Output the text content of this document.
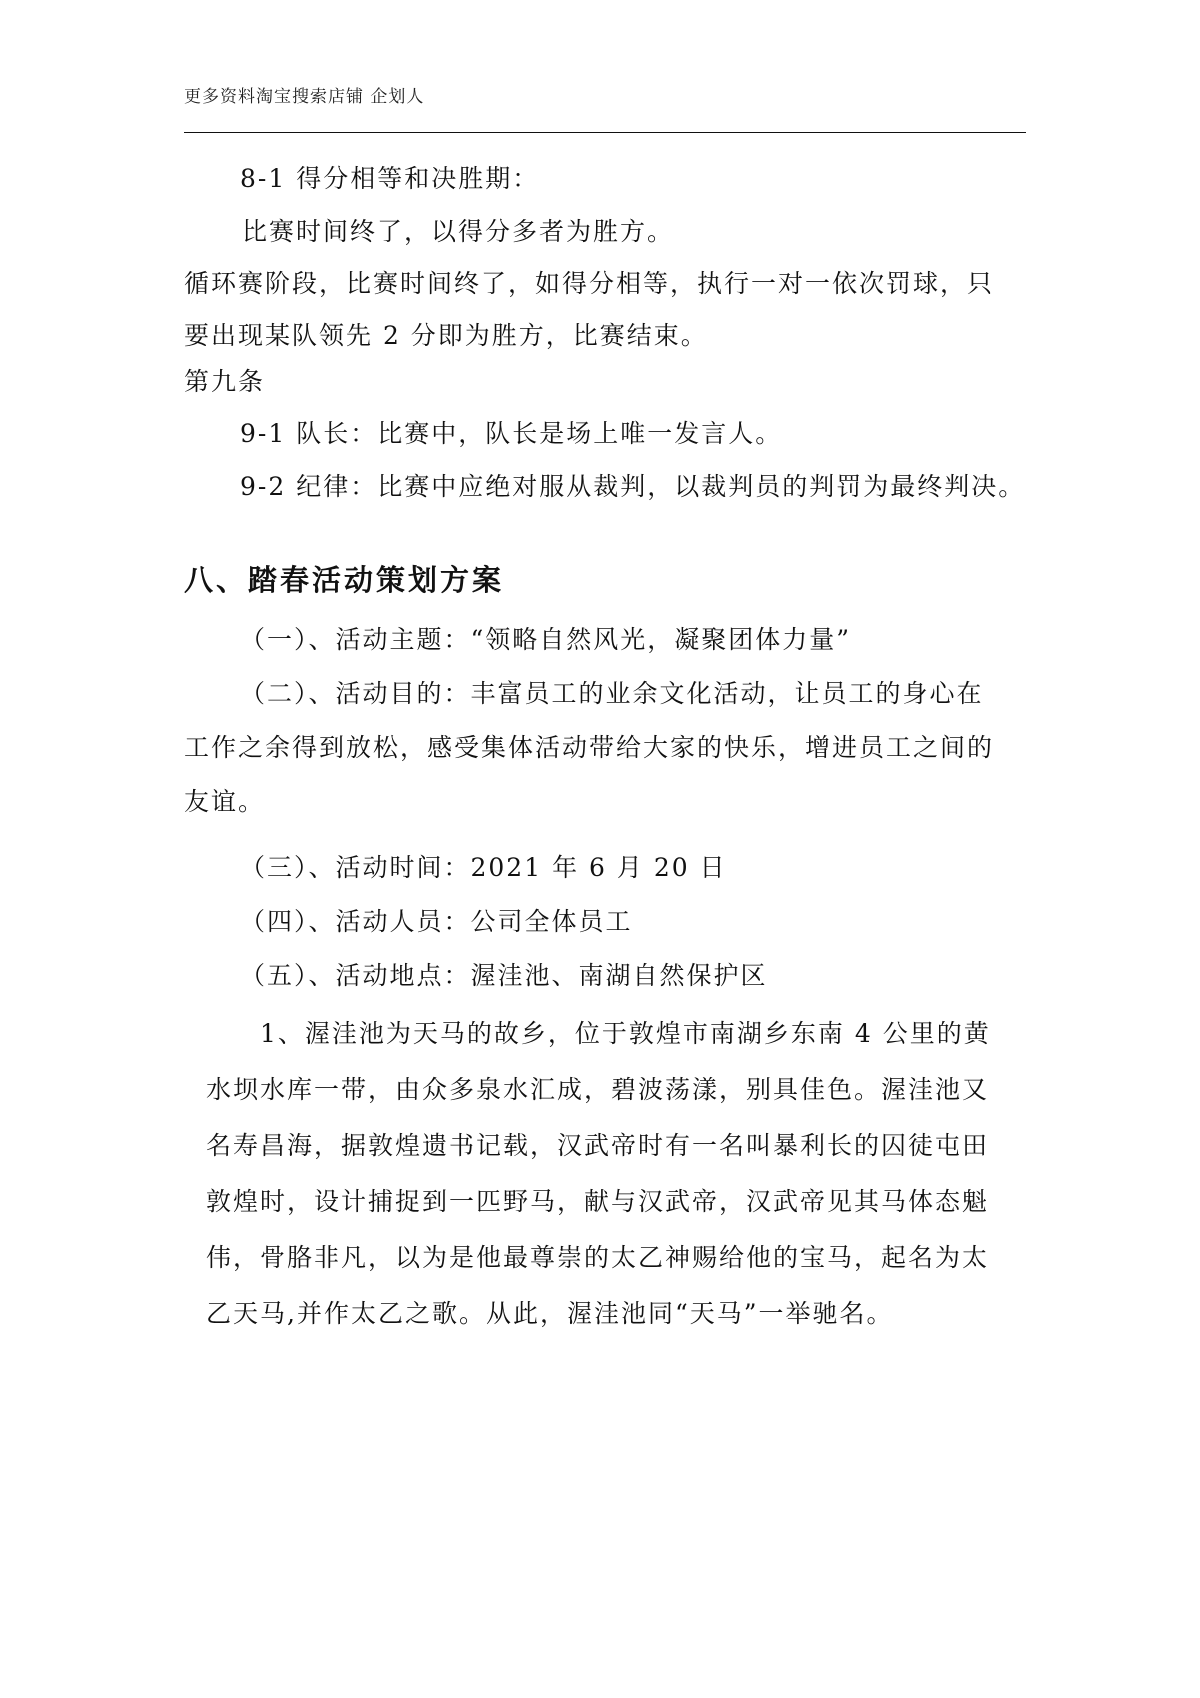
更多资料淘宝搜索店铺 企划人
8-1 得分相等和决胜期：
比赛时间终了，以得分多者为胜方。
循环赛阶段，比赛时间终了，如得分相等，执行一对一依次罚球，只
要出现某队领先 2 分即为胜方，比赛结束。
第九条
9-1 队长：比赛中，队长是场上唯一发言人。
9-2 纪律：比赛中应绝对服从裁判，以裁判员的判罚为最终判决。
八、踏春活动策划方案
（一）、活动主题：“领略自然风光，凝聚团体力量”
（二）、活动目的：丰富员工的业余文化活动，让员工的身心在
工作之余得到放松，感受集体活动带给大家的快乐，增进员工之间的
友谊。
（三）、活动时间：2021 年 6 月 20 日
（四）、活动人员：公司全体员工
（五）、活动地点：渥洼池、南湖自然保护区
1、渥洼池为天马的故乡，位于敦煌市南湖乡东南 4 公里的黄
水坝水库一带，由众多泉水汇成，碧波荡漾，别具佳色。渥洼池又
名寿昌海，据敦煌遗书记载，汉武帝时有一名叫暴利长的囚徒屯田
敦煌时，设计捕捉到一匹野马，献与汉武帝，汉武帝见其马体态魁
伟，骨胳非凡，以为是他最尊崇的太乙神赐给他的宝马，起名为太
乙天马,并作太乙之歌。从此，渥洼池同“天马”一举驰名。
